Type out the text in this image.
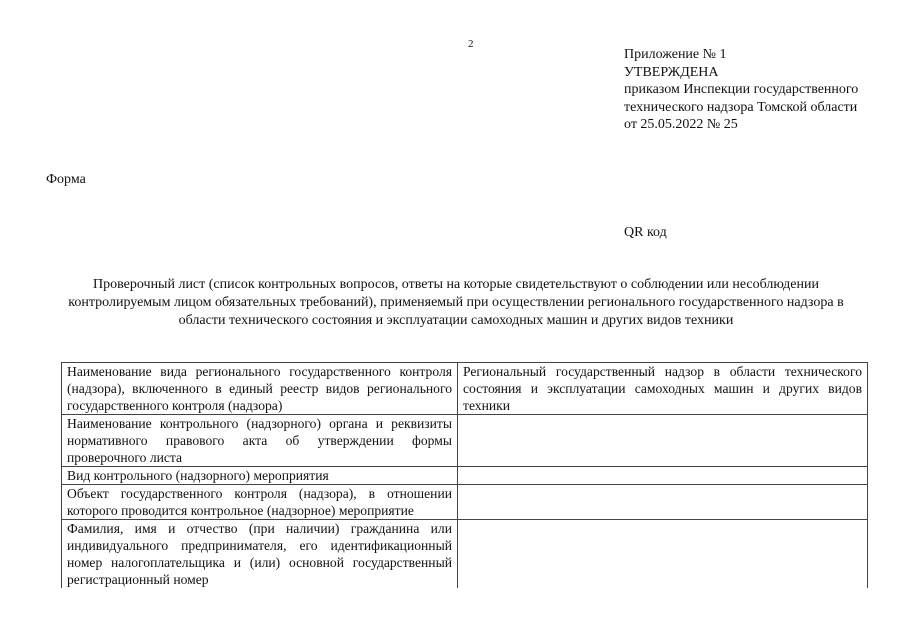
2
Приложение № 1
УТВЕРЖДЕНА
приказом Инспекции государственного
технического надзора Томской области
от 25.05.2022 № 25
Форма
QR код
Проверочный лист (список контрольных вопросов, ответы на которые свидетельствуют о соблюдении или несоблюдении контролируемым лицом обязательных требований), применяемый при осуществлении регионального государственного надзора в области технического состояния и эксплуатации самоходных машин и других видов техники
Наименование вида регионального государственного контроля (надзора), включенного в единый реестр видов регионального государственного контроля (надзора)	Региональный государственный надзор в области технического состояния и эксплуатации самоходных машин и других видов техники
Наименование контрольного (надзорного) органа и реквизиты нормативного правового акта об утверждении формы проверочного листа	
Вид контрольного (надзорного) мероприятия	
Объект государственного контроля (надзора), в отношении которого проводится контрольное (надзорное) мероприятие	

Фамилия, имя и отчество (при наличии) гражданина или индивидуального предпринимателя, его идентификационный номер налогоплательщика и (или) основной государственный регистрационный номер	
